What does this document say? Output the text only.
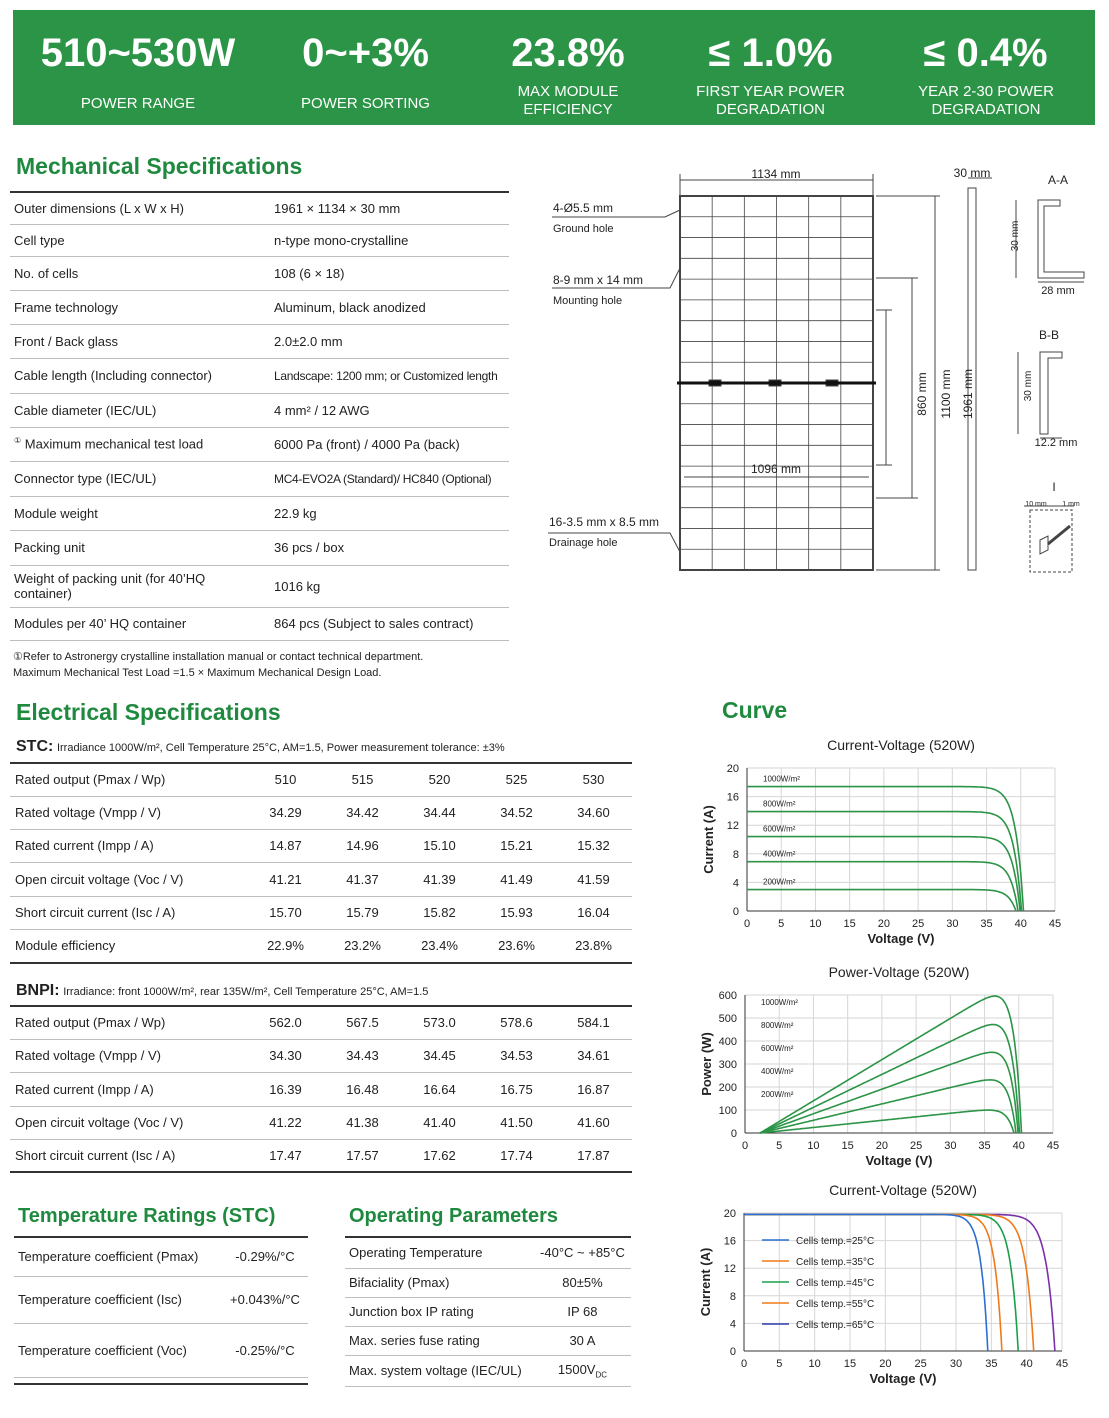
510~530W
POWER RANGE
0~+3%
POWER SORTING
23.8%
MAX MODULE EFFICIENCY
≤ 1.0%
FIRST YEAR POWER DEGRADATION
≤ 0.4%
YEAR 2-30 POWER DEGRADATION
Mechanical Specifications
Outer dimensions (L x W x H)	1961 × 1134 × 30 mm
Cell type	n-type mono-crystalline
No. of cells	108 (6 × 18)
Frame technology	Aluminum, black anodized
Front / Back glass	2.0±2.0 mm
Cable length (Including connector)	Landscape: 1200 mm; or Customized length
Cable diameter (IEC/UL)	4 mm² / 12 AWG
① Maximum mechanical test load	6000 Pa (front) / 4000 Pa (back)
Connector type (IEC/UL)	MC4-EVO2A (Standard)/ HC840 (Optional)
Module weight	22.9 kg
Packing unit	36 pcs / box
Weight of packing unit (for 40’HQ container)	1016 kg
Modules per 40’ HQ container	864 pcs (Subject to sales contract)
①Refer to Astronergy crystalline installation manual or contact technical department.
Maximum Mechanical Test Load =1.5 × Maximum Mechanical Design Load.
1134 mm	30 mm
4-Ø5.5 mm
Ground hole
8-9 mm x 14 mm
Mounting hole
16-3.5 mm x 8.5 mm
Drainage hole
1096 mm
860 mm 1100 mm 1961 mm
A-A
30 mm
28 mm
B-B
30 mm
12.2 mm
I
10 mm 1 mm
Electrical Specifications
STC: Irradiance 1000W/m², Cell Temperature 25°C, AM=1.5, Power measurement tolerance: ±3%
Rated output (Pmax / Wp)	510	515	520	525	530
Rated voltage (Vmpp / V)	34.29	34.42	34.44	34.52	34.60
Rated current (Impp / A)	14.87	14.96	15.10	15.21	15.32
Open circuit voltage (Voc / V)	41.21	41.37	41.39	41.49	41.59
Short circuit current (Isc / A)	15.70	15.79	15.82	15.93	16.04
Module efficiency	22.9%	23.2%	23.4%	23.6%	23.8%
BNPI: Irradiance: front 1000W/m², rear 135W/m², Cell Temperature 25°C, AM=1.5
Rated output (Pmax / Wp)	562.0	567.5	573.0	578.6	584.1
Rated voltage (Vmpp / V)	34.30	34.43	34.45	34.53	34.61
Rated current (Impp / A)	16.39	16.48	16.64	16.75	16.87
Open circuit voltage (Voc / V)	41.22	41.38	41.40	41.50	41.60
Short circuit current (Isc / A)	17.47	17.57	17.62	17.74	17.87
Temperature Ratings (STC)
Temperature coefficient (Pmax)	-0.29%/°C
Temperature coefficient (Isc)	+0.043%/°C
Temperature coefficient (Voc)	-0.25%/°C
Operating Parameters
Operating Temperature	-40°C ~ +85°C
Bifaciality (Pmax)	80±5%
Junction box IP rating	IP 68
Max. series fuse rating	30 A
Max. system voltage (IEC/UL)	$1500V_{DC}$
Curve
Current-Voltage (520W)
0	5 10 15 20 25 30 35 40 45
0
4
8
12
16
20
Voltage (V)
Current (A)
1000W/m²
800W/m²
600W/m²
400W/m²
200W/m²
Power-Voltage (520W)
0	5 10 15 20 25 30 35 40 45
0
100
200
300
400
500
600
Voltage (V)
Power (W)
1000W/m²
800W/m²
600W/m²
400W/m²
200W/m²
Current-Voltage (520W)
0	5 10 15 20 25 30 35 40 45
0
4
8
12
16
20
Voltage (V)
Current (A)
Cells temp.=25°C
Cells temp.=35°C
Cells temp.=45°C
Cells temp.=55°C
Cells temp.=65°C
